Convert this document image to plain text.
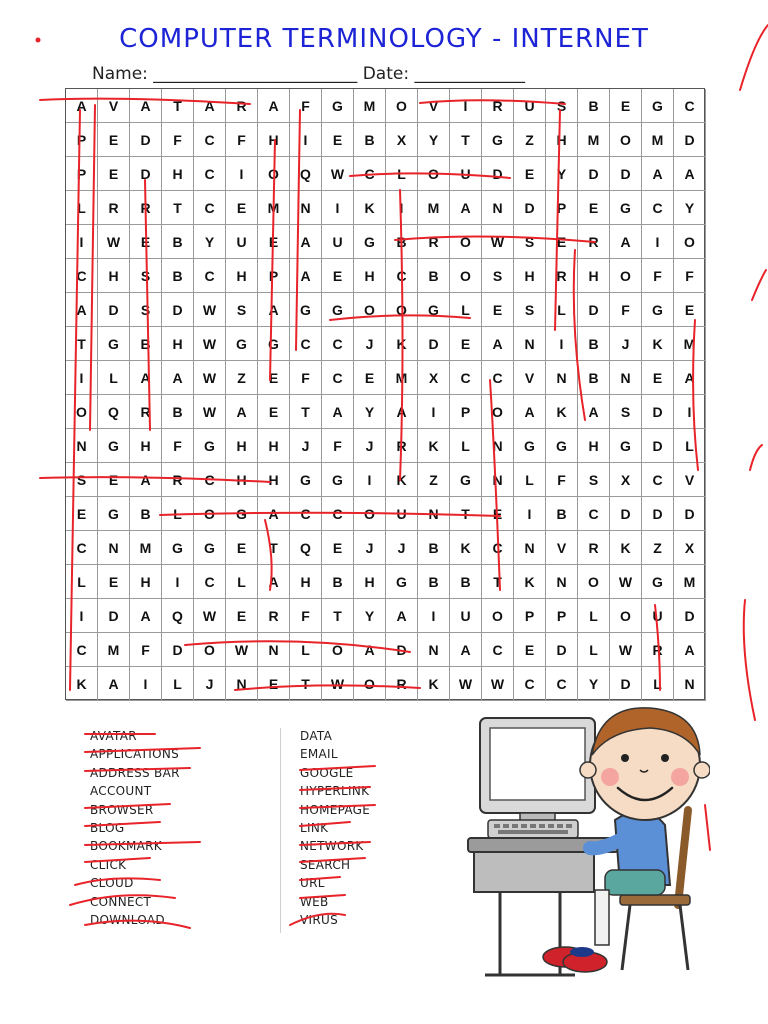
COMPUTER TERMINOLOGY - INTERNET
Name: ________________________ Date: _____________
A	V	A	T	A	R	A	F	G	M	O	V	I	R	U	S	B	E	G	C
P	E	D	F	C	F	H	I	E	B	X	Y	T	G	Z	H	M	O	M	D
P	E	D	H	C	I	O	Q	W	C	L	O	U	D	E	Y	D	D	A	A
L	R	R	T	C	E	M	N	I	K	I	M	A	N	D	P	E	G	C	Y
I	W	E	B	Y	U	E	A	U	G	B	R	O	W	S	E	R	A	I	O
C	H	S	B	C	H	P	A	E	H	C	B	O	S	H	R	H	O	F	F
A	D	S	D	W	S	A	G	G	O	O	G	L	E	S	L	D	F	G	E
T	G	B	H	W	G	G	C	C	J	K	D	E	A	N	I	B	J	K	M
I	L	A	A	W	Z	E	F	C	E	M	X	C	C	V	N	B	N	E	A
O	Q	R	B	W	A	E	T	A	Y	A	I	P	O	A	K	A	S	D	I
N	G	H	F	G	H	H	J	F	J	R	K	L	N	G	G	H	G	D	L
S	E	A	R	C	H	H	G	G	I	K	Z	G	N	L	F	S	X	C	V
E	G	B	L	O	G	A	C	C	O	U	N	T	E	I	B	C	D	D	D
C	N	M	G	G	E	T	Q	E	J	J	B	K	C	N	V	R	K	Z	X
L	E	H	I	C	L	A	H	B	H	G	B	B	T	K	N	O	W	G	M
I	D	A	Q	W	E	R	F	T	Y	A	I	U	O	P	P	L	O	U	D
C	M	F	D	O	W	N	L	O	A	D	N	A	C	E	D	L	W	R	A
K	A	I	L	J	N	E	T	W	O	R	K	W	W	C	C	Y	D	L	N
AVATAR
APPLICATIONS
ADDRESS BAR
ACCOUNT
BROWSER
BLOG
BOOKMARK
CLICK
CLOUD
CONNECT
DOWNLOAD
DATA
EMAIL
GOOGLE
HYPERLINK
HOMEPAGE
LINK
NETWORK
SEARCH
URL
WEB
VIRUS
